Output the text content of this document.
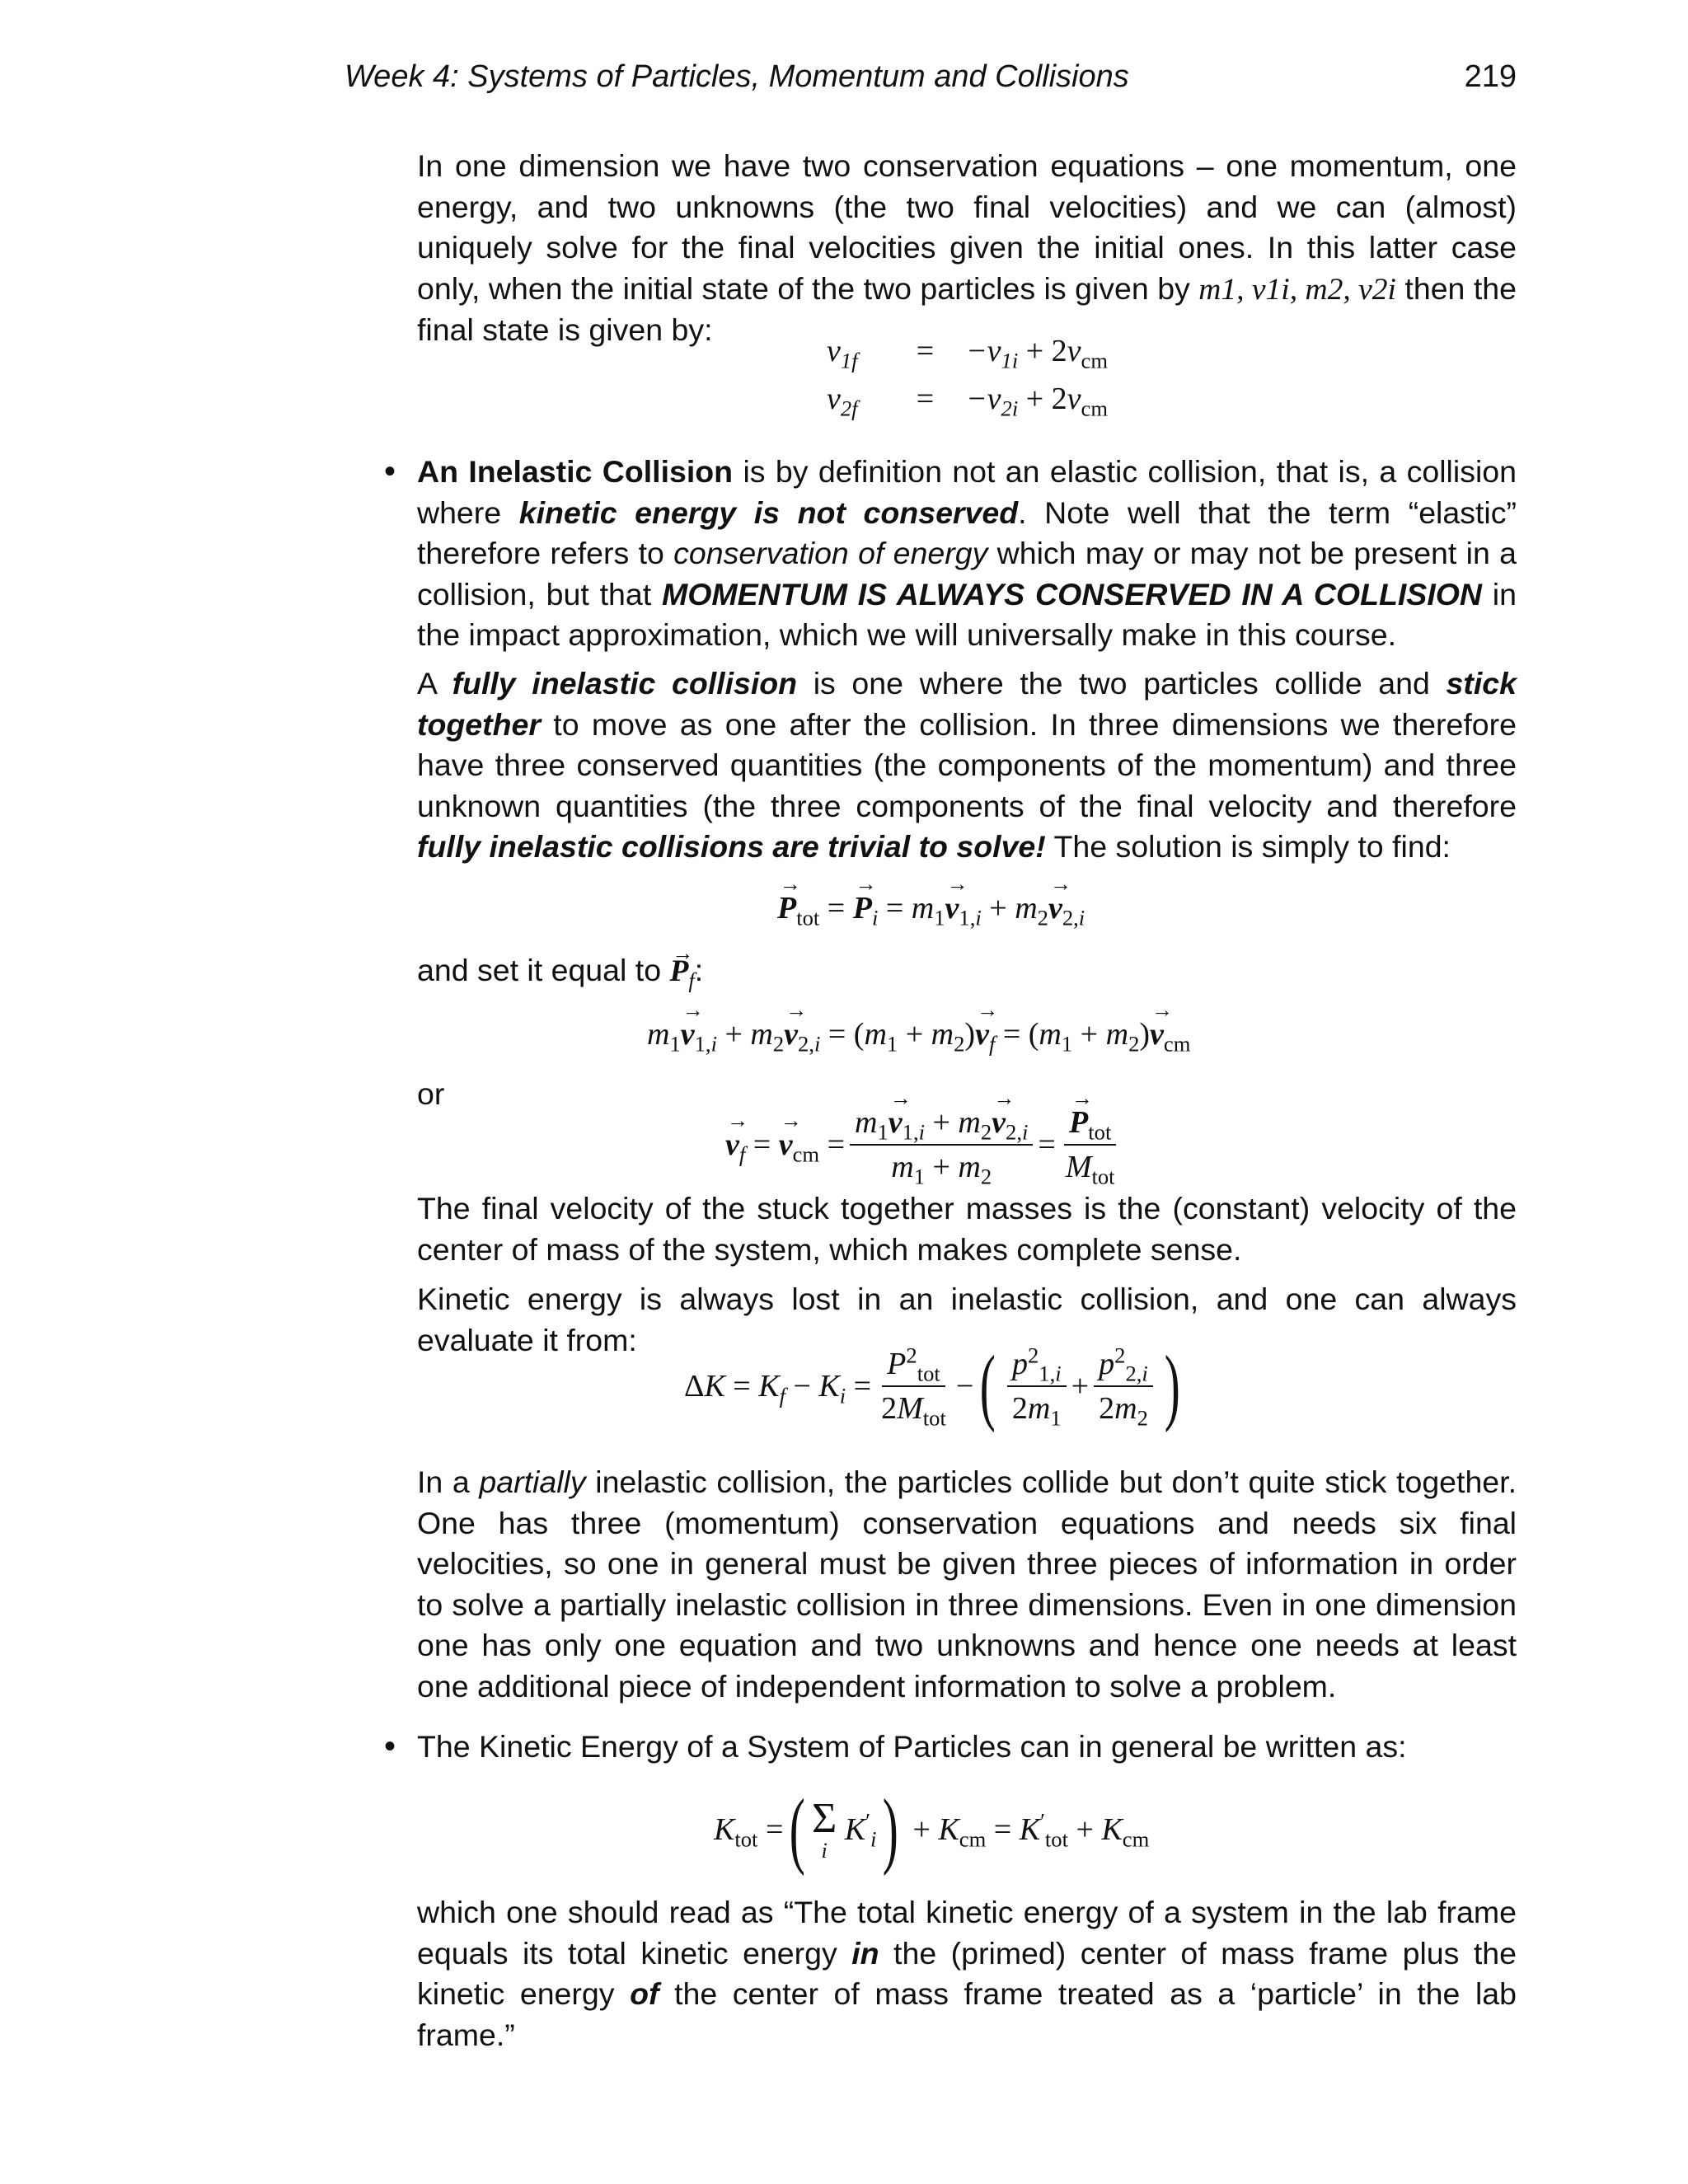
Week 4: Systems of Particles, Momentum and Collisions	219
In one dimension we have two conservation equations – one momentum, one energy, and two unknowns (the two final velocities) and we can (almost) uniquely solve for the final velocities given the initial ones. In this latter case only, when the initial state of the two particles is given by m1, v1i, m2, v2i then the final state is given by:
$v_{1f} = -v_{1i} + 2v_{cm}$
$v_{2f} = -v_{2i} + 2v_{cm}$
• An Inelastic Collision is by definition not an elastic collision, that is, a collision where kinetic energy is not conserved. Note well that the term “elastic” therefore refers to conservation of energy which may or may not be present in a collision, but that MOMENTUM IS ALWAYS CONSERVED IN A COLLISION in the impact approximation, which we will universally make in this course.
A fully inelastic collision is one where the two particles collide and stick together to move as one after the collision. In three dimensions we therefore have three conserved quantities (the components of the momentum) and three unknown quantities (the three components of the final velocity and therefore fully inelastic collisions are trivial to solve! The solution is simply to find:
$P \to_{tot} = P \to_i = m_1v \to_{1,i} + m_2v \to_{2,i}$
and set it equal to $P \to_f$:
$m_1v \to_{1,i} + m_2v \to_{2,i} = (m_1 + m_2)v \to_f = (m_1 + m_2)v \to_{cm}$
or
$v \to_f = v \to_{cm} = \frac{m_1v \to_{1,i} + m_2v \to_{2,i}}{m_1 + m_2} = \frac{P \to_{tot}}{M_{tot}}$
The final velocity of the stuck together masses is the (constant) velocity of the center of mass of the system, which makes complete sense.
Kinetic energy is always lost in an inelastic collision, and one can always evaluate it from:
$\Delta K = K_f - K_i = \frac{P^2_{tot}}{2M_{tot}}$ − ( $\frac{p^2_{1,i}}{2m_1} + \frac{p^2_{2,i}}{2m_2}$ )
In a partially inelastic collision, the particles collide but don’t quite stick together. One has three (momentum) conservation equations and needs six final velocities, so one in general must be given three pieces of information in order to solve a partially inelastic collision in three dimensions. Even in one dimension one has only one equation and two unknowns and hence one needs at least one additional piece of independent information to solve a problem.
• The Kinetic Energy of a System of Particles can in general be written as:
$K_{tot}$ = ( Σ
i
$K'_i$ ) + $K_{cm} = K'_{tot} + K_{cm}$
which one should read as “The total kinetic energy of a system in the lab frame equals its total kinetic energy in the (primed) center of mass frame plus the kinetic energy of the center of mass frame treated as a ‘particle’ in the lab frame.”
